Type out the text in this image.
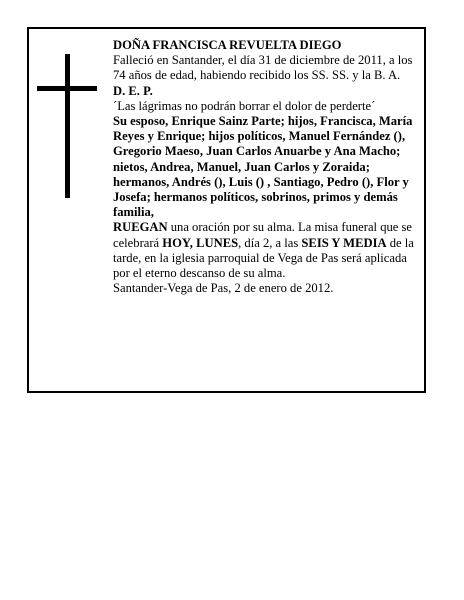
DOÑA FRANCISCA REVUELTA DIEGO

Falleció en Santander, el día 31 de diciembre de 2011, a los 74 años de edad, habiendo recibido los SS. SS. y la B. A.

D. E. P.

´Las lágrimas no podrán borrar el dolor de perderte´

Su esposo, Enrique Sainz Parte; hijos, Francisca, María Reyes y Enrique; hijos políticos, Manuel Fernández (), Gregorio Maeso, Juan Carlos Anuarbe y Ana Macho; nietos, Andrea, Manuel, Juan Carlos y Zoraida; hermanos, Andrés (), Luis () , Santiago, Pedro (), Flor y Josefa; hermanos políticos, sobrinos, primos y demás familia,

RUEGAN una oración por su alma. La misa funeral que se celebrará HOY, LUNES, día 2, a las SEIS Y MEDIA de la tarde, en la iglesia parroquial de Vega de Pas será aplicada por el eterno descanso de su alma.

Santander-Vega de Pas, 2 de enero de 2012.
